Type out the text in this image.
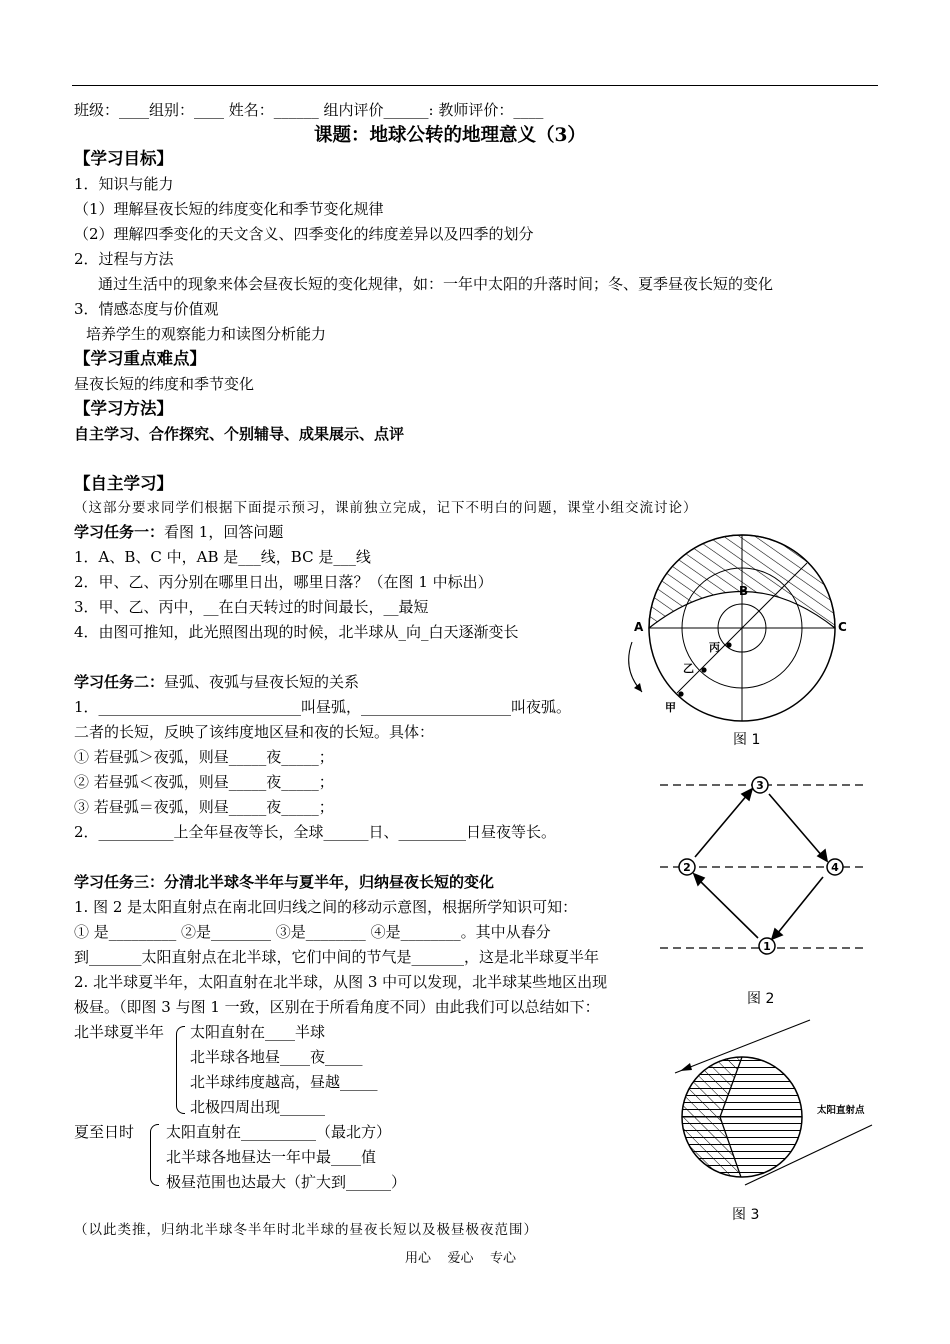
班级：____组别：____ 姓名：______ 组内评价______: 教师评价：____
课题：地球公转的地理意义（3）
【学习目标】
1．知识与能力
（1）理解昼夜长短的纬度变化和季节变化规律
（2）理解四季变化的天文含义、四季变化的纬度差异以及四季的划分
2．过程与方法
通过生活中的现象来体会昼夜长短的变化规律，如：一年中太阳的升落时间；冬、夏季昼夜长短的变化
3．情感态度与价值观
培养学生的观察能力和读图分析能力
【学习重点难点】
昼夜长短的纬度和季节变化
【学习方法】
自主学习、合作探究、个别辅导、成果展示、点评
【自主学习】
（这部分要求同学们根据下面提示预习，课前独立完成，记下不明白的问题，课堂小组交流讨论）
学习任务一：看图 1，回答问题
1．A、B、C 中，AB 是___线，BC 是___线
2．甲、乙、丙分别在哪里日出，哪里日落？（在图 1 中标出）
3．甲、乙、丙中，__在白天转过的时间最长，__最短
4．由图可推知，此光照图出现的时候，北半球从_向_白天逐渐变长
学习任务二：昼弧、夜弧与昼夜长短的关系
1．___________________________叫昼弧，____________________叫夜弧。
二者的长短，反映了该纬度地区昼和夜的长短。具体：
① 若昼弧＞夜弧，则昼_____夜_____；
② 若昼弧＜夜弧，则昼_____夜_____；
③ 若昼弧＝夜弧，则昼_____夜_____；
2．__________上全年昼夜等长，全球______日、_________日昼夜等长。
学习任务三：分清北半球冬半年与夏半年，归纳昼夜长短的变化
1. 图 2 是太阳直射点在南北回归线之间的移动示意图，根据所学知识可知：
① 是_________ ②是________ ③是________ ④是________。其中从春分
到_______太阳直射点在北半球，它们中间的节气是_______，这是北半球夏半年
2. 北半球夏半年，太阳直射在北半球，从图 3 中可以发现，北半球某些地区出现
极昼。（即图 3 与图 1 一致，区别在于所看角度不同）由此我们可以总结如下：
北半球夏半年 太阳直射在____半球
北半球各地昼____夜_____
北半球纬度越高，昼越_____
北极四周出现______
夏至日时 太阳直射在__________（最北方）
北半球各地昼达一年中最____值
极昼范围也达最大（扩大到______）
（以此类推，归纳北半球冬半年时北半球的昼夜长短以及极昼极夜范围）
用心    爱心    专心
A
B
C
丙
乙
甲
图 1
3
2	4
1
图 2
太阳直射点
图 3
